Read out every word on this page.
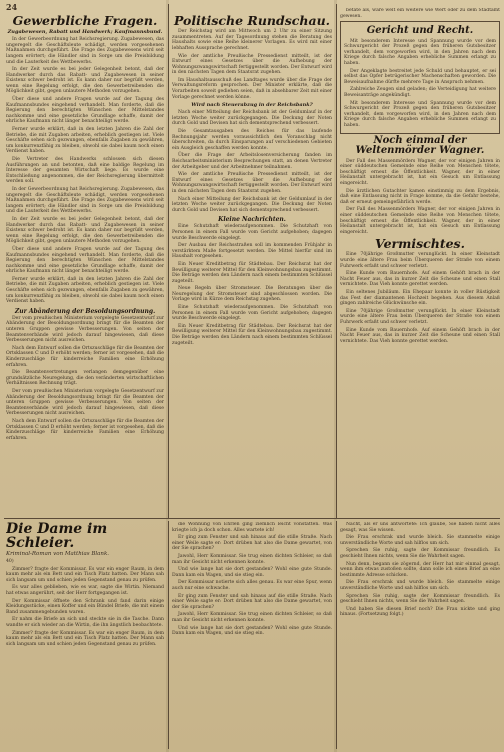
24
Gewerbliche Fragen.
Zugabewesen, Rabatt und Handwerk; Kaufmannsbund.

In der Gewerbeordnung hat Reichsregierung. Zugabewesen, das ungeregelt die Geschäftsleute schädigt, werden vorgesehenen Maßnahmen durchgeführt. Die Frage des Zugabewesens wird seit langem erörtert; die Händler sind in Sorge um die Preisbildung und die Lauterkeit des Wettbewerbs.

In der Zeit wurde es bei jeder Gelegenheit betont, daß der Handwerker durch das Rabatt- und Zugabewesen in seiner Existenz schwer bedroht ist. Es kann daher nur begrüßt werden, wenn eine Regelung erfolgt, die den Gewerbetreibenden die Möglichkeit gibt, gegen unlautere Methoden vorzugehen.

Über diese und andere Fragen wurde auf der Tagung des Kaufmannsbundes eingehend verhandelt. Man forderte, daß die Regierung den berechtigten Wünschen der Mittelstandes nachkomme und eine gesetzliche Grundlage schaffe, damit der ehrliche Kaufmann nicht länger benachteiligt werde.

Ferner wurde erklärt, daß in den letzten Jahren die Zahl der Betriebe, die mit Zugaben arbeiten, erheblich gestiegen ist. Viele Geschäfte sehen sich gezwungen, ebenfalls Zugaben zu gewähren, um konkurrenzfähig zu bleiben, obwohl sie dabei kaum noch einen Verdienst haben.

Die Vertreter des Handwerks schlossen sich diesen Ausführungen an und betonten, daß eine baldige Regelung im Interesse der gesamten Wirtschaft liege. Es wurde eine Entschließung angenommen, die der Reichsregierung übermittelt werden soll.

In der Gewerbeordnung hat Reichsregierung. Zugabewesen, das ungeregelt die Geschäftsleute schädigt, werden vorgesehenen Maßnahmen durchgeführt. Die Frage des Zugabewesens wird seit langem erörtert; die Händler sind in Sorge um die Preisbildung und die Lauterkeit des Wettbewerbs.

In der Zeit wurde es bei jeder Gelegenheit betont, daß der Handwerker durch das Rabatt- und Zugabewesen in seiner Existenz schwer bedroht ist. Es kann daher nur begrüßt werden, wenn eine Regelung erfolgt, die den Gewerbetreibenden die Möglichkeit gibt, gegen unlautere Methoden vorzugehen.

Über diese und andere Fragen wurde auf der Tagung des Kaufmannsbundes eingehend verhandelt. Man forderte, daß die Regierung den berechtigten Wünschen der Mittelstandes nachkomme und eine gesetzliche Grundlage schaffe, damit der ehrliche Kaufmann nicht länger benachteiligt werde.

Ferner wurde erklärt, daß in den letzten Jahren die Zahl der Betriebe, die mit Zugaben arbeiten, erheblich gestiegen ist. Viele Geschäfte sehen sich gezwungen, ebenfalls Zugaben zu gewähren, um konkurrenzfähig zu bleiben, obwohl sie dabei kaum noch einen Verdienst haben.

Zur Abänderung der Besoldungsordnung.

Der vom preußischen Ministerium vorgelegte Gesetzentwurf zur Abänderung der Besoldungsordnung bringt für die Beamten der unteren Gruppen gewisse Verbesserungen. Von seiten der Beamtenverbände wird jedoch darauf hingewiesen, daß diese Verbesserungen nicht ausreichen.

Nach dem Entwurf sollen die Ortszuschläge für die Beamten der Ortsklassen C und D erhöht werden; ferner ist vorgesehen, daß die Kinderzuschläge für kinderreiche Familien eine Erhöhung erfahren.

Die Beamtenvertretungen verlangen demgegenüber eine grundsätzliche Neuregelung, die den veränderten wirtschaftlichen Verhältnissen Rechnung trägt.

Der vom preußischen Ministerium vorgelegte Gesetzentwurf zur Abänderung der Besoldungsordnung bringt für die Beamten der unteren Gruppen gewisse Verbesserungen. Von seiten der Beamtenverbände wird jedoch darauf hingewiesen, daß diese Verbesserungen nicht ausreichen.

Nach dem Entwurf sollen die Ortszuschläge für die Beamten der Ortsklassen C und D erhöht werden; ferner ist vorgesehen, daß die Kinderzuschläge für kinderreiche Familien eine Erhöhung erfahren.

Politische Rundschau.

Der Reichstag wird am Mittwoch um 2 Uhr zu einer Sitzung zusammentreten. Auf der Tagesordnung stehen die Beratung des Haushalts sowie eine Reihe kleinerer Vorlagen. Es wird mit einer lebhaften Aussprache gerechnet.

Wie der amtliche Preußische Pressedienst mitteilt, ist der Entwurf eines Gesetzes über die Aufhebung der Wohnungszwangswirtschaft fertiggestellt worden. Der Entwurf wird in den nächsten Tagen dem Staatsrat zugehen.

Im Haushaltsausschuß des Landtages wurde über die Frage der Verwaltungsreform gesprochen. Der Minister erklärte, daß die Vorarbeiten soweit gediehen seien, daß in absehbarer Zeit mit einer Vorlage gerechnet werden könne.

Wird nach Steuerabzug in der Reichsbank?

Nach einer Mitteilung der Reichsbank ist der Geldumlauf in der letzten Woche weiter zurückgegangen. Die Deckung der Noten durch Gold und Devisen hat sich dementsprechend verbessert.

Die Gesamtausgaben des Reiches für das laufende Rechnungsjahr werden voraussichtlich den Voranschlag nicht überschreiten, da durch Einsparungen auf verschiedenen Gebieten ein Ausgleich geschaffen werden konnte.

Über die Frage der Arbeitslosenversicherung fanden im Reichsarbeitsministerium Besprechungen statt, an denen Vertreter der Arbeitgeber und der Arbeitnehmer teilnahmen.

Wie der amtliche Preußische Pressedienst mitteilt, ist der Entwurf eines Gesetzes über die Aufhebung der Wohnungszwangswirtschaft fertiggestellt worden. Der Entwurf wird in den nächsten Tagen dem Staatsrat zugehen.

Nach einer Mitteilung der Reichsbank ist der Geldumlauf in der letzten Woche weiter zurückgegangen. Die Deckung der Noten durch Gold und Devisen hat sich dementsprechend verbessert.

Kleine Nachrichten.

Eine Schutzhaft wiederaufgenommen. Die Schutzhaft von Personen in einem Fall wurde vom Gericht aufgehoben; dagegen wurde Beschwerde eingelegt.

Der Ausbau der Reichsstraßen soll im kommenden Frühjahr in verstärktem Maße fortgesetzt werden. Die Mittel hierfür sind im Haushalt vorgesehen.

Ein Neuer Kreditbetrag für Städtebau. Der Reichsrat hat der Bewilligung weiterer Mittel für den Kleinwohnungsbau zugestimmt. Die Beträge werden den Ländern nach einem bestimmten Schlüssel zugeteilt.

Neue Regeln über Stromsteuer. Die Beratungen über die Neuregelung der Stromsteuer sind abgeschlossen worden. Die Vorlage wird in Kürze dem Reichstag zugehen.

Eine Schutzhaft wiederaufgenommen. Die Schutzhaft von Personen in einem Fall wurde vom Gericht aufgehoben; dagegen wurde Beschwerde eingelegt.

Ein Neuer Kreditbetrag für Städtebau. Der Reichsrat hat der Bewilligung weiterer Mittel für den Kleinwohnungsbau zugestimmt. Die Beträge werden den Ländern nach einem bestimmten Schlüssel zugeteilt.

betäte als, wäre welt ein weitere wie Wert oder zu dem Stadtamt gewesen.

Gericht und Recht.

Mit besonderem Interesse und Spannung wurde vor dem Schwurgericht der Prozeß gegen den früheren Gutsbesitzer verhandelt, dem vorgeworfen wird, in den Jahren nach dem Kriege durch falsche Angaben erhebliche Summen erlangt zu haben.

Der Angeklagte bestreitet jede Schuld und behauptet, er sei selbst das Opfer betrügerischer Machenschaften geworden. Die Beweisaufnahme dürfte mehrere Tage in Anspruch nehmen.

Zahlreiche Zeugen sind geladen; die Verteidigung hat weitere Beweisanträge angekündigt.

Mit besonderem Interesse und Spannung wurde vor dem Schwurgericht der Prozeß gegen den früheren Gutsbesitzer verhandelt, dem vorgeworfen wird, in den Jahren nach dem Kriege durch falsche Angaben erhebliche Summen erlangt zu haben.

Noch einmal der Weltenmörder Wagner.

Der Fall des Massenmörders Wagner, der vor einigen Jahren in einer süddeutschen Gemeinde eine Reihe von Menschen tötete, beschäftigt erneut die Öffentlichkeit. Wagner, der in einer Heilanstalt untergebracht ist, hat ein Gesuch um Entlassung eingereicht.

Die ärztlichen Gutachter kamen einstimmig zu dem Ergebnis, daß eine Entlassung nicht in Frage komme, da die Gefahr bestehe, daß er erneut gemeingefährlich werde.

Der Fall des Massenmörders Wagner, der vor einigen Jahren in einer süddeutschen Gemeinde eine Reihe von Menschen tötete, beschäftigt erneut die Öffentlichkeit. Wagner, der in einer Heilanstalt untergebracht ist, hat ein Gesuch um Entlassung eingereicht.

Vermischtes.

Eine 70jährige Großmutter verunglückt. In einer Kleinstadt wurde eine ältere Frau beim Überqueren der Straße von einem Fuhrwerk erfaßt und schwer verletzt.

Eine Kunde vom Bauernhofe. Auf einem Gehöft brach in der Nacht Feuer aus, das in kurzer Zeit die Scheune und einen Stall vernichtete. Das Vieh konnte gerettet werden.

Ein seltenes Jubiläum. Ein Ehepaar konnte in voller Rüstigkeit das Fest der diamantenen Hochzeit begehen. Aus diesem Anlaß gingen zahlreiche Glückwünsche ein.

Eine 70jährige Großmutter verunglückt. In einer Kleinstadt wurde eine ältere Frau beim Überqueren der Straße von einem Fuhrwerk erfaßt und schwer verletzt.

Eine Kunde vom Bauernhofe. Auf einem Gehöft brach in der Nacht Feuer aus, das in kurzer Zeit die Scheune und einen Stall vernichtete. Das Vieh konnte gerettet werden.

Die Dame im Schleier.
Kriminal-Roman von Matthias Blank.
40)

Zimmer? fragte der Kommissar. Es war ein enger Raum, in dem kaum mehr als ein Bett und ein Tisch Platz hatten. Der Mann sah sich langsam um und schien jeden Gegenstand genau zu prüfen.

Es war alles geblieben, wie es war, sagte die Wirtin. Niemand hat etwas angerührt, seit der Herr fortgegangen ist.

Der Kommissar öffnete den Schrank und fand darin einige Kleidungsstücke, einen Koffer und ein Bündel Briefe, die mit einem Band zusammengebunden waren.

Er nahm die Briefe an sich und steckte sie in die Tasche. Dann wandte er sich wieder an die Wirtin, die ihn ängstlich beobachtete.

Zimmer? fragte der Kommissar. Es war ein enger Raum, in dem kaum mehr als ein Bett und ein Tisch Platz hatten. Der Mann sah sich langsam um und schien jeden Gegenstand genau zu prüfen.

die Wohnung von Ehrlen ging ziemlich leicht vonstatten. Was kriegte ich ja doch schon. Alles wartete ich!

Er ging zum Fenster und sah hinaus auf die stille Straße. Nach einer Weile sagte er: Dort drüben hat also die Dame gewartet, von der Sie sprachen?

Jawohl, Herr Kommissar. Sie trug einen dichten Schleier, so daß man ihr Gesicht nicht erkennen konnte.

Und wie lange hat sie dort gestanden? Wohl eine gute Stunde. Dann kam ein Wagen, und sie stieg ein.

Der Kommissar notierte sich alles genau. Es war eine Spur, wenn auch nur eine schwache.

Er ging zum Fenster und sah hinaus auf die stille Straße. Nach einer Weile sagte er: Dort drüben hat also die Dame gewartet, von der Sie sprachen?

Jawohl, Herr Kommissar. Sie trug einen dichten Schleier, so daß man ihr Gesicht nicht erkennen konnte.

Und wie lange hat sie dort gestanden? Wohl eine gute Stunde. Dann kam ein Wagen, und sie stieg ein.

Nacht, als er uns antwortete: Ich glaube, Sie haben nicht alles gesagt, was Sie wissen.

Die Frau erschrak und wurde bleich. Sie stammelte einige unverständliche Worte und sah hilflos um sich.

Sprechen Sie ruhig, sagte der Kommissar freundlich. Es geschieht Ihnen nichts, wenn Sie die Wahrheit sagen.

Nun denn, begann sie zögernd, der Herr hat mir einmal gesagt, wenn ihm etwas zustoßen sollte, dann solle ich einen Brief an eine bestimmte Adresse schicken.

Die Frau erschrak und wurde bleich. Sie stammelte einige unverständliche Worte und sah hilflos um sich.

Sprechen Sie ruhig, sagte der Kommissar freundlich. Es geschieht Ihnen nichts, wenn Sie die Wahrheit sagen.

Und haben Sie diesen Brief noch? Die Frau nickte und ging hinaus. (Fortsetzung folgt.)
